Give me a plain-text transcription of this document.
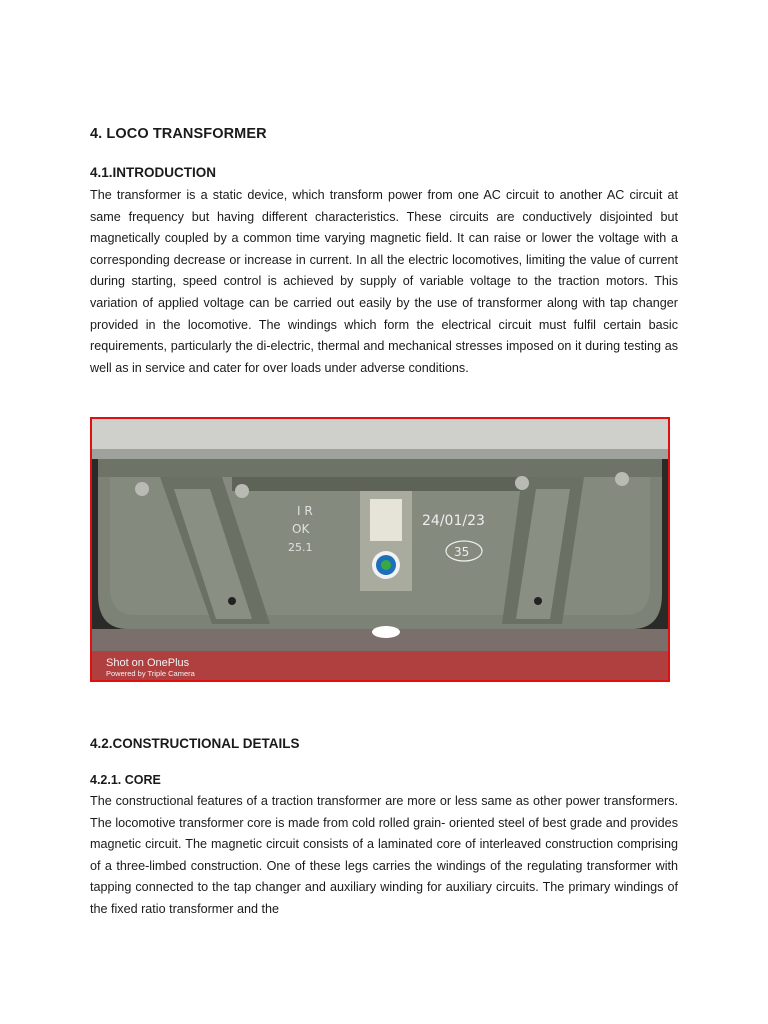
4. LOCO TRANSFORMER
4.1.INTRODUCTION

The transformer is a static device, which transform power from one AC circuit to another AC circuit at same frequency but having different characteristics. These circuits are conductively disjointed but magnetically coupled by a common time varying magnetic field. It can raise or lower the voltage with a corresponding decrease or increase in current. In all the electric locomotives, limiting the value of current during starting, speed control is achieved by supply of variable voltage to the traction motors. This variation of applied voltage can be carried out easily by the use of transformer along with tap changer provided in the locomotive. The windings which form the electrical circuit must fulfil certain basic requirements, particularly the di-electric, thermal and mechanical stresses imposed on it during testing as well as in service and cater for over loads under adverse conditions.

24/01/23
35
I R
OK
25.1
Shot on OnePlus
Powered by Triple Camera
4.2.CONSTRUCTIONAL DETAILS
4.2.1. CORE

The constructional features of a traction transformer are more or less same as other power transformers. The locomotive transformer core is made from cold rolled grain- oriented steel of best grade and provides magnetic circuit. The magnetic circuit consists of a laminated core of interleaved construction comprising of a three-limbed construction. One of these legs carries the windings of the regulating transformer with tapping connected to the tap changer and auxiliary winding for auxiliary circuits. The primary windings of the fixed ratio transformer and the
